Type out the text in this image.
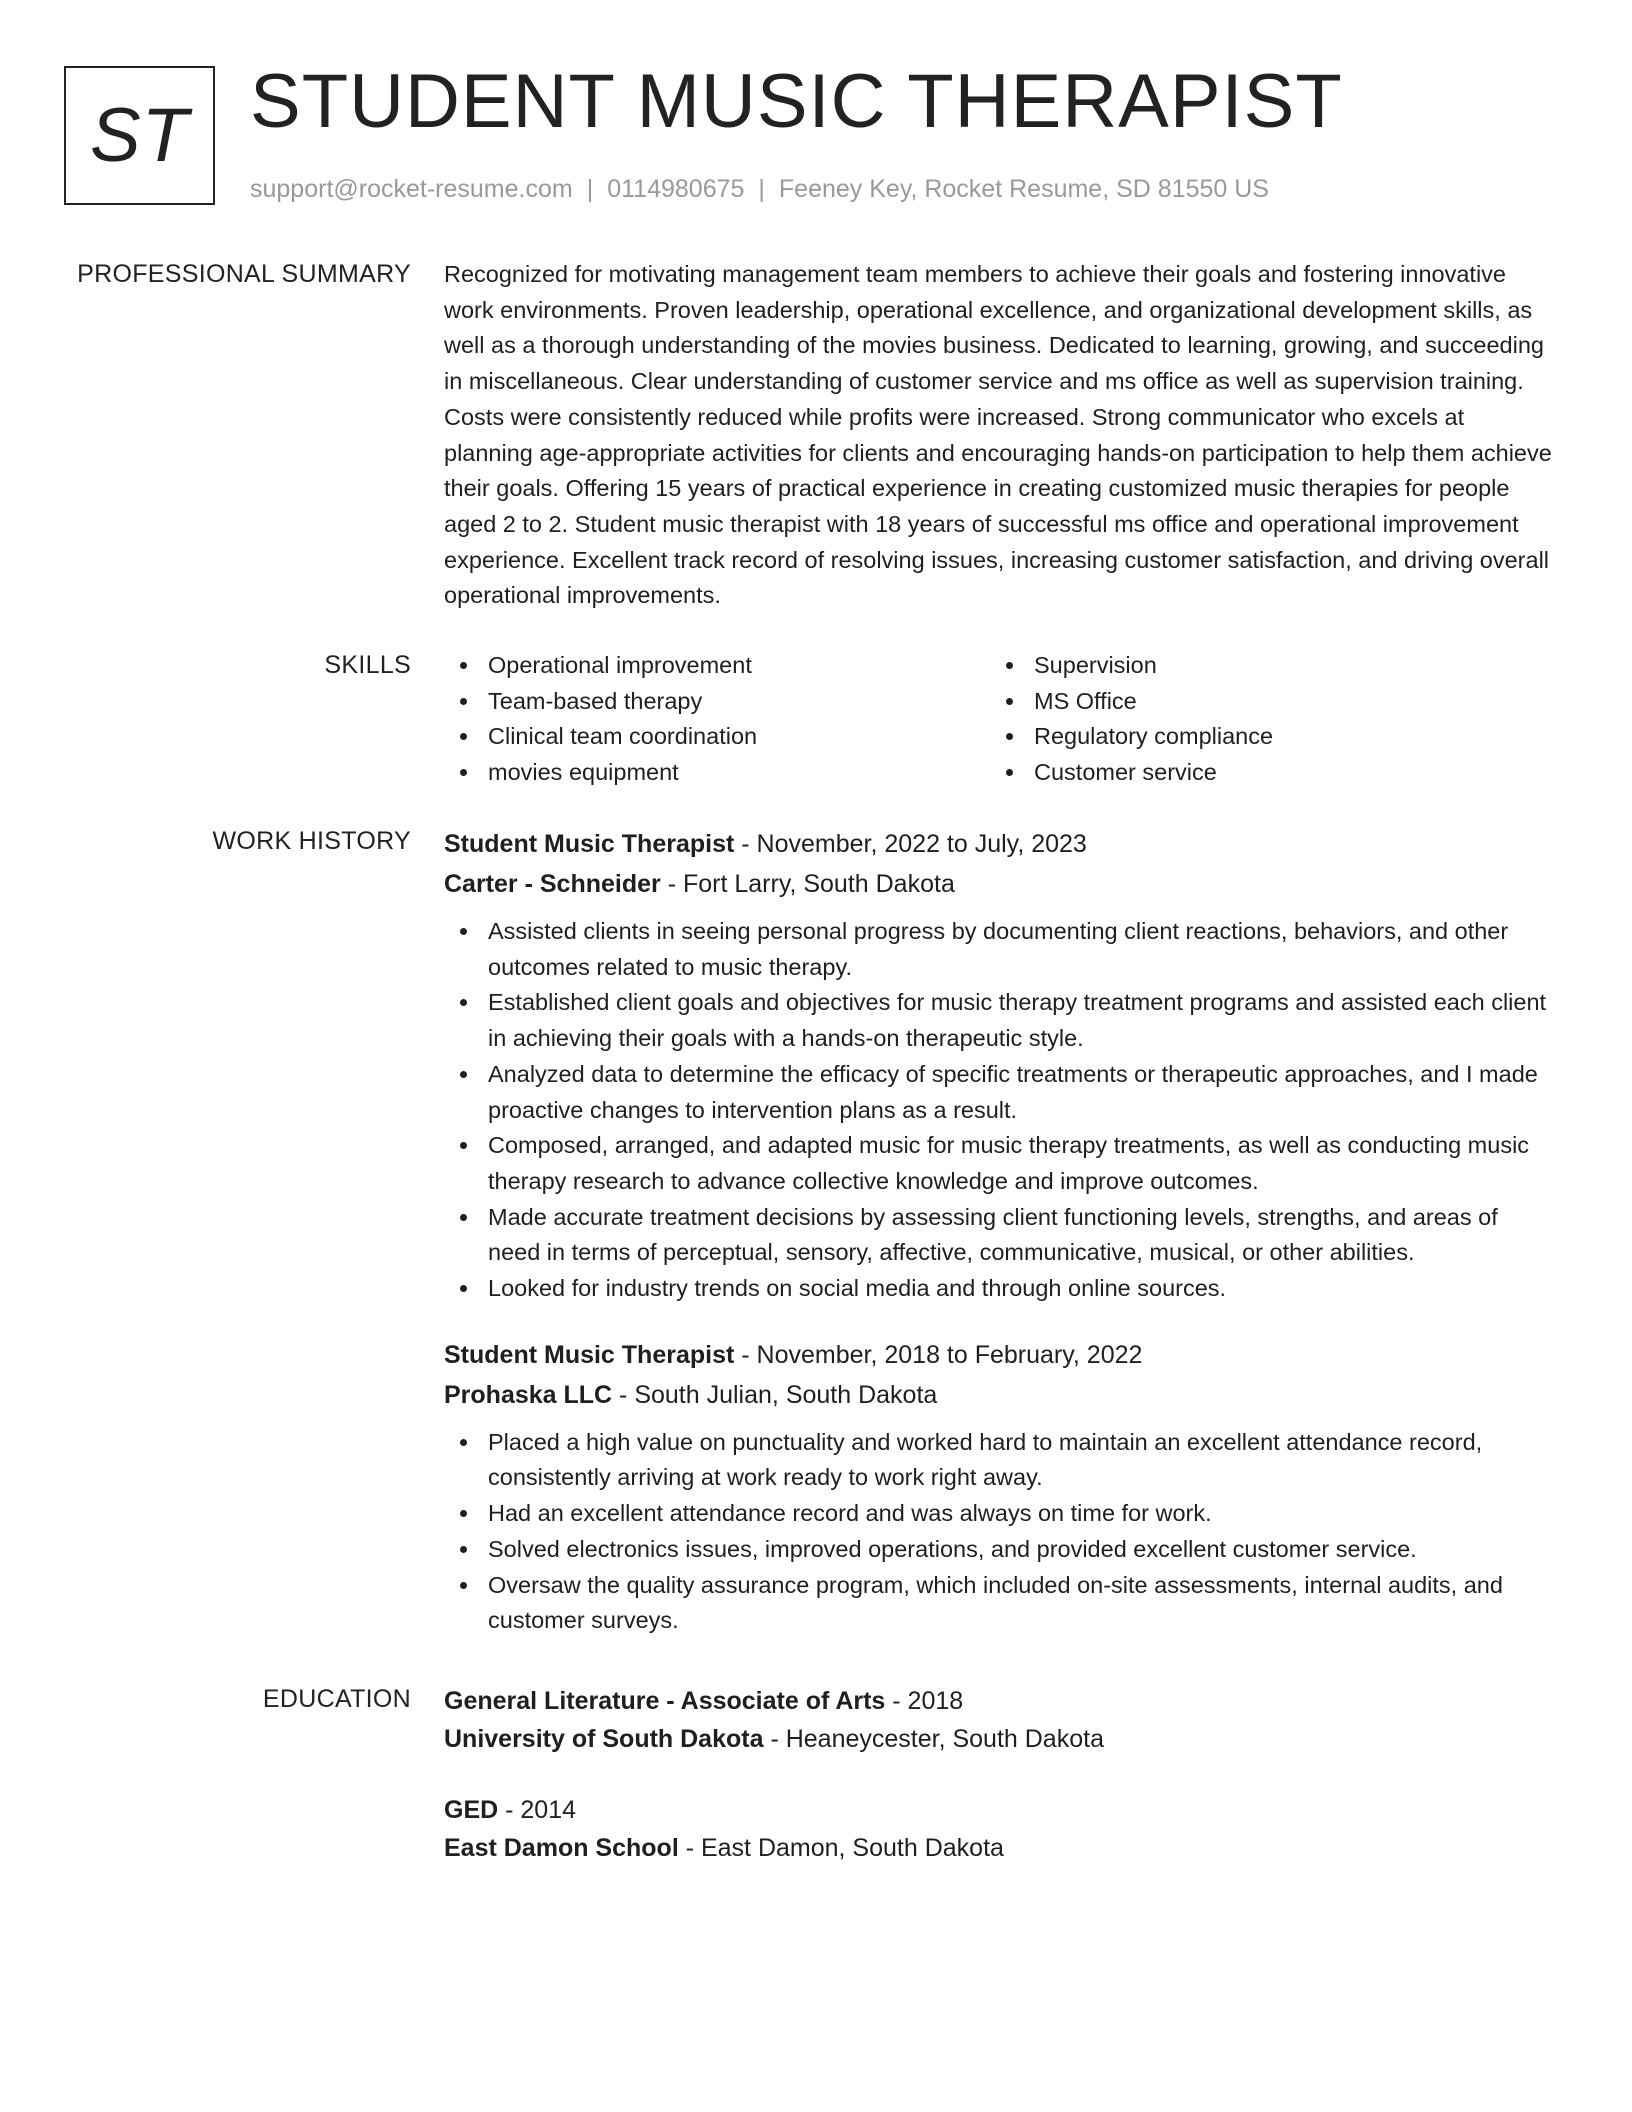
ST STUDENT MUSIC THERAPIST
support@rocket-resume.com | 0114980675 | Feeney Key, Rocket Resume, SD 81550 US
PROFESSIONAL SUMMARY Recognized for motivating management team members to achieve their goals and fostering innovative work environments. Proven leadership, operational excellence, and organizational development skills, as well as a thorough understanding of the movies business. Dedicated to learning, growing, and succeeding in miscellaneous. Clear understanding of customer service and ms office as well as supervision training. Costs were consistently reduced while profits were increased. Strong communicator who excels at planning age-appropriate activities for clients and encouraging hands-on participation to help them achieve their goals. Offering 15 years of practical experience in creating customized music therapies for people aged 2 to 2. Student music therapist with 18 years of successful ms office and operational improvement experience. Excellent track record of resolving issues, increasing customer satisfaction, and driving overall operational improvements.

SKILLS	Operational improvement
Team-based therapy
Clinical team coordination
movies equipment
Supervision
MS Office
Regulatory compliance
Customer service
WORK HISTORY Student Music Therapist - November, 2022 to July, 2023
Carter - Schneider - Fort Larry, South Dakota
Assisted clients in seeing personal progress by documenting client reactions, behaviors, and other outcomes related to music therapy.
Established client goals and objectives for music therapy treatment programs and assisted each client in achieving their goals with a hands-on therapeutic style.
Analyzed data to determine the efficacy of specific treatments or therapeutic approaches, and I made proactive changes to intervention plans as a result.
Composed, arranged, and adapted music for music therapy treatments, as well as conducting music therapy research to advance collective knowledge and improve outcomes.
Made accurate treatment decisions by assessing client functioning levels, strengths, and areas of need in terms of perceptual, sensory, affective, communicative, musical, or other abilities.
Looked for industry trends on social media and through online sources.
Student Music Therapist - November, 2018 to February, 2022
Prohaska LLC - South Julian, South Dakota
Placed a high value on punctuality and worked hard to maintain an excellent attendance record, consistently arriving at work ready to work right away.
Had an excellent attendance record and was always on time for work.
Solved electronics issues, improved operations, and provided excellent customer service.
Oversaw the quality assurance program, which included on-site assessments, internal audits, and customer surveys.
EDUCATION General Literature - Associate of Arts - 2018
University of South Dakota - Heaneycester, South Dakota
GED - 2014
East Damon School - East Damon, South Dakota
